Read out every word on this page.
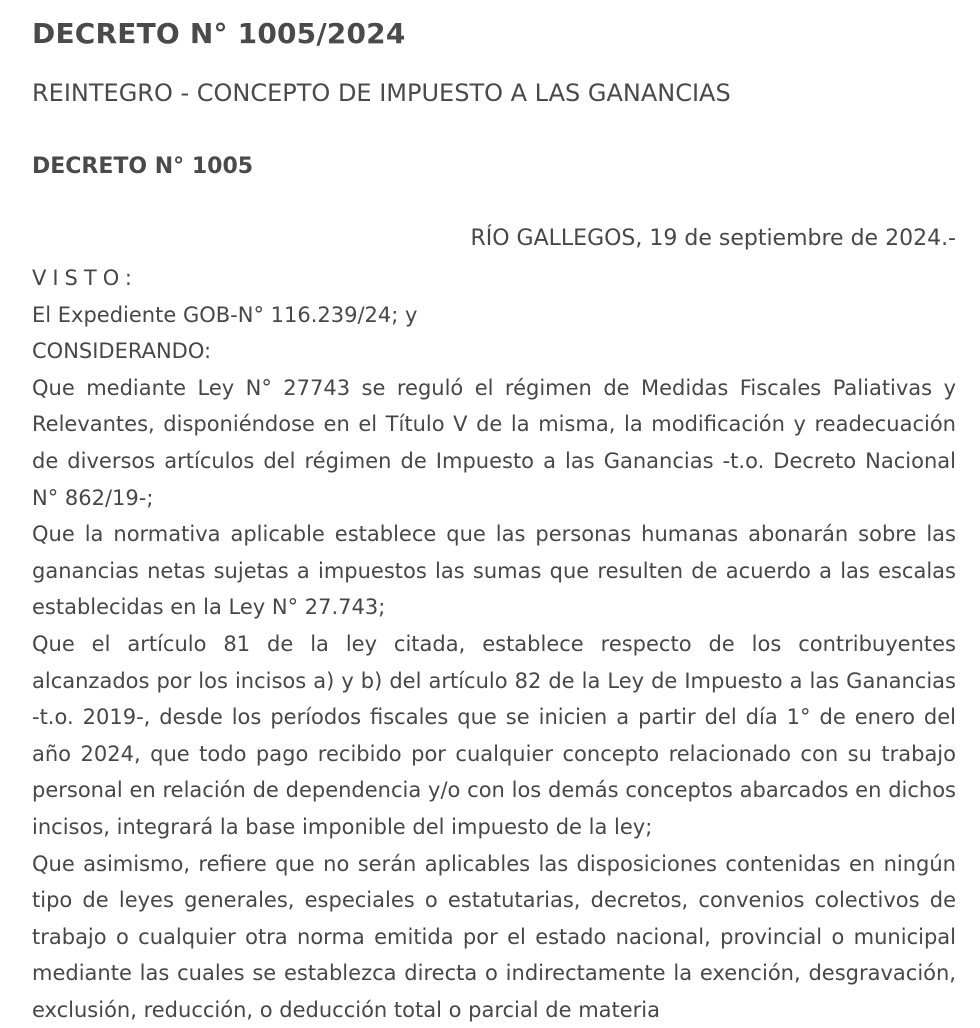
DECRETO N° 1005/2024
REINTEGRO - CONCEPTO DE IMPUESTO A LAS GANANCIAS
DECRETO N° 1005
RÍO GALLEGOS, 19 de septiembre de 2024.-

VISTO:

El Expediente GOB-N° 116.239/24; y

CONSIDERANDO:

Que mediante Ley N° 27743 se reguló el régimen de Medidas Fiscales Paliativas y Relevantes, disponiéndose en el Título V de la misma, la modificación y readecuación de diversos artículos del régimen de Impuesto a las Ganancias -t.o. Decreto Nacional N° 862/19-;

Que la normativa aplicable establece que las personas humanas abonarán sobre las ganancias netas sujetas a impuestos las sumas que resulten de acuerdo a las escalas establecidas en la Ley N° 27.743;

Que el artículo 81 de la ley citada, establece respecto de los contribuyentes alcanzados por los incisos a) y b) del artículo 82 de la Ley de Impuesto a las Ganancias -t.o. 2019-, desde los períodos fiscales que se inicien a partir del día 1° de enero del año 2024, que todo pago recibido por cualquier concepto relacionado con su trabajo personal en relación de dependencia y/o con los demás conceptos abarcados en dichos incisos, integrará la base imponible del impuesto de la ley;

Que asimismo, refiere que no serán aplicables las disposiciones contenidas en ningún tipo de leyes generales, especiales o estatutarias, decretos, convenios colectivos de trabajo o cualquier otra norma emitida por el estado nacional, provincial o municipal mediante las cuales se establezca directa o indirectamente la exención, desgravación, exclusión, reducción, o deducción total o parcial de materia
